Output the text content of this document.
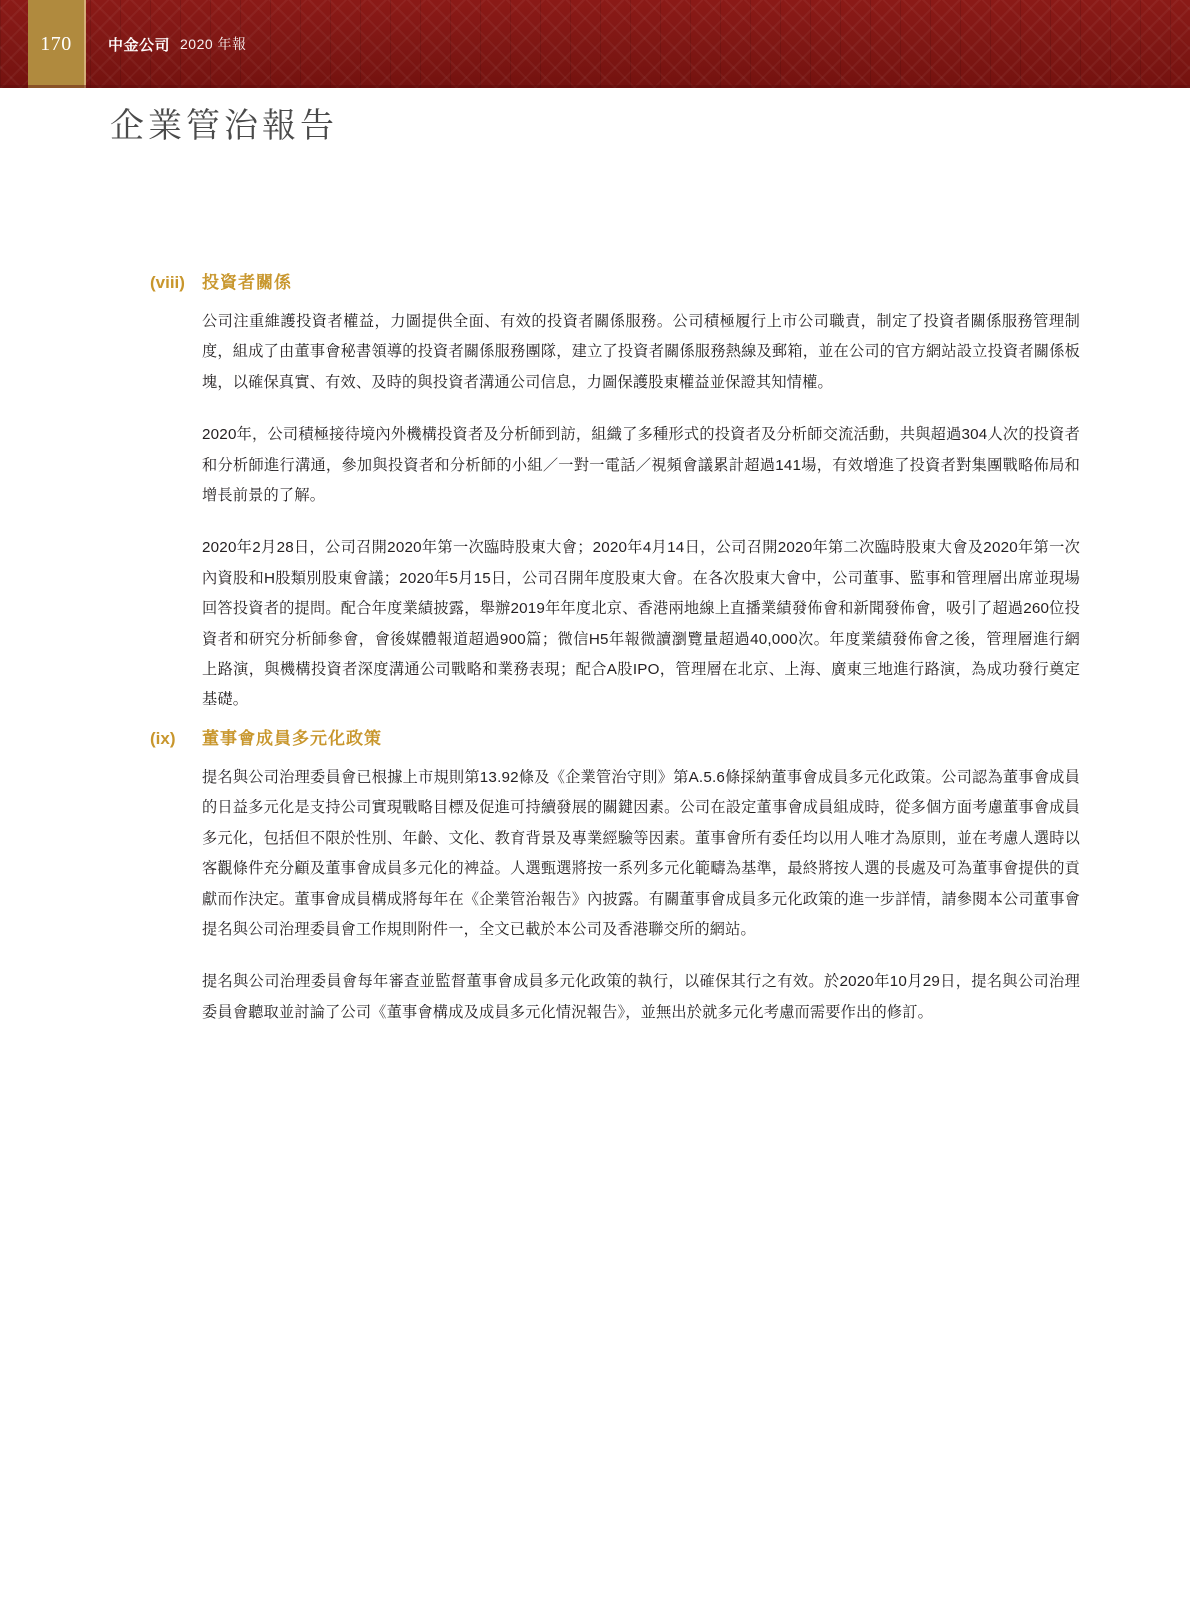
170 中金公司 2020 年報
企業管治報告
(viii)	投資者關係

公司注重維護投資者權益，力圖提供全面、有效的投資者關係服務。公司積極履行上市公司職責，制定了投資者關係服務管理制度，組成了由董事會秘書領導的投資者關係服務團隊，建立了投資者關係服務熱線及郵箱，並在公司的官方網站設立投資者關係板塊，以確保真實、有效、及時的與投資者溝通公司信息，力圖保護股東權益並保證其知情權。

2020年，公司積極接待境內外機構投資者及分析師到訪，組織了多種形式的投資者及分析師交流活動，共與超過304人次的投資者和分析師進行溝通，參加與投資者和分析師的小組／一對一電話／視頻會議累計超過141場，有效增進了投資者對集團戰略佈局和增長前景的了解。

2020年2月28日，公司召開2020年第一次臨時股東大會；2020年4月14日，公司召開2020年第二次臨時股東大會及2020年第一次內資股和H股類別股東會議；2020年5月15日，公司召開年度股東大會。在各次股東大會中，公司董事、監事和管理層出席並現場回答投資者的提問。配合年度業績披露，舉辦2019年年度北京、香港兩地線上直播業績發佈會和新聞發佈會，吸引了超過260位投資者和研究分析師參會，會後媒體報道超過900篇；微信H5年報微讀瀏覽量超過40,000次。年度業績發佈會之後，管理層進行網上路演，與機構投資者深度溝通公司戰略和業務表現；配合A股IPO，管理層在北京、上海、廣東三地進行路演，為成功發行奠定基礎。

(ix)	董事會成員多元化政策

提名與公司治理委員會已根據上市規則第13.92條及《企業管治守則》第A.5.6條採納董事會成員多元化政策。公司認為董事會成員的日益多元化是支持公司實現戰略目標及促進可持續發展的關鍵因素。公司在設定董事會成員組成時，從多個方面考慮董事會成員多元化，包括但不限於性別、年齡、文化、教育背景及專業經驗等因素。董事會所有委任均以用人唯才為原則，並在考慮人選時以客觀條件充分顧及董事會成員多元化的裨益。人選甄選將按一系列多元化範疇為基準，最終將按人選的長處及可為董事會提供的貢獻而作決定。董事會成員構成將每年在《企業管治報告》內披露。有關董事會成員多元化政策的進一步詳情，請參閱本公司董事會提名與公司治理委員會工作規則附件一，全文已載於本公司及香港聯交所的網站。

提名與公司治理委員會每年審查並監督董事會成員多元化政策的執行，以確保其行之有效。於2020年10月29日，提名與公司治理委員會聽取並討論了公司《董事會構成及成員多元化情況報告》，並無出於就多元化考慮而需要作出的修訂。
